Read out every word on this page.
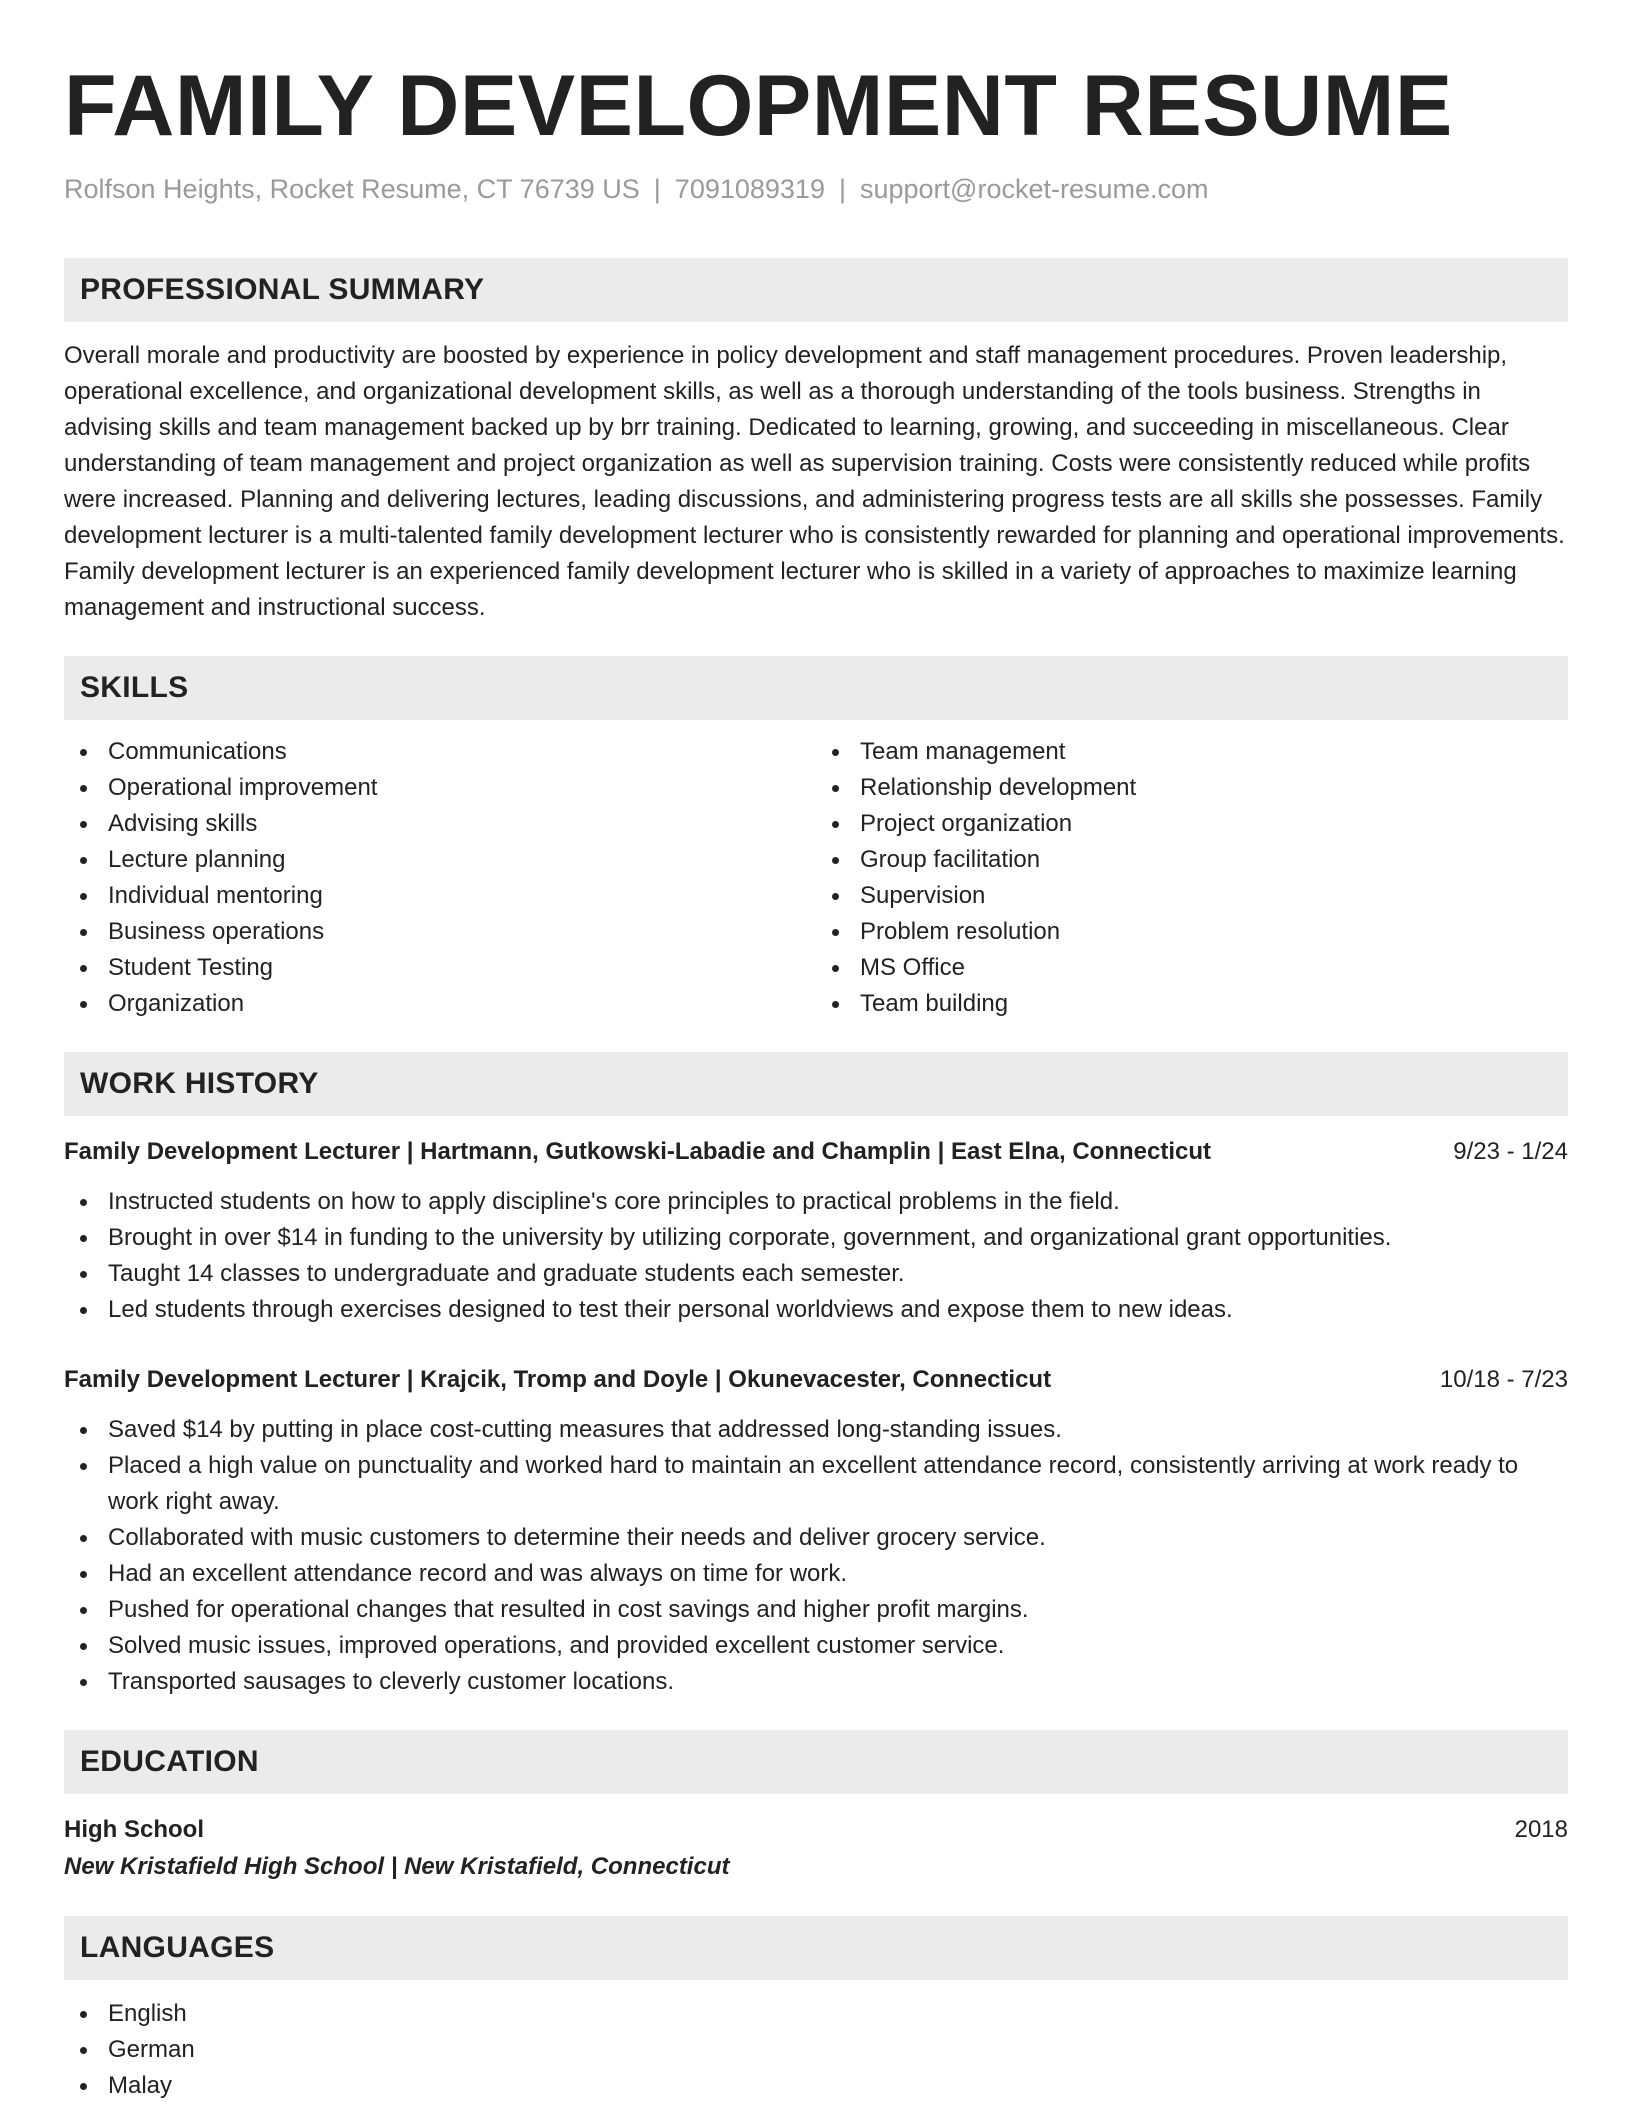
FAMILY DEVELOPMENT RESUME
Rolfson Heights, Rocket Resume, CT 76739 US | 7091089319 | support@rocket-resume.com
PROFESSIONAL SUMMARY
Overall morale and productivity are boosted by experience in policy development and staff management procedures. Proven leadership, operational excellence, and organizational development skills, as well as a thorough understanding of the tools business. Strengths in advising skills and team management backed up by brr training. Dedicated to learning, growing, and succeeding in miscellaneous. Clear understanding of team management and project organization as well as supervision training. Costs were consistently reduced while profits were increased. Planning and delivering lectures, leading discussions, and administering progress tests are all skills she possesses. Family development lecturer is a multi-talented family development lecturer who is consistently rewarded for planning and operational improvements. Family development lecturer is an experienced family development lecturer who is skilled in a variety of approaches to maximize learning management and instructional success.
SKILLS
Communications
Operational improvement
Advising skills
Lecture planning
Individual mentoring
Business operations
Student Testing
Organization
Team management
Relationship development
Project organization
Group facilitation
Supervision
Problem resolution
MS Office
Team building
WORK HISTORY
Family Development Lecturer | Hartmann, Gutkowski-Labadie and Champlin | East Elna, Connecticut	9/23 - 1/24
Instructed students on how to apply discipline's core principles to practical problems in the field.
Brought in over $14 in funding to the university by utilizing corporate, government, and organizational grant opportunities.
Taught 14 classes to undergraduate and graduate students each semester.
Led students through exercises designed to test their personal worldviews and expose them to new ideas.
Family Development Lecturer | Krajcik, Tromp and Doyle | Okunevacester, Connecticut	10/18 - 7/23
Saved $14 by putting in place cost-cutting measures that addressed long-standing issues.
Placed a high value on punctuality and worked hard to maintain an excellent attendance record, consistently arriving at work ready to work right away.
Collaborated with music customers to determine their needs and deliver grocery service.
Had an excellent attendance record and was always on time for work.
Pushed for operational changes that resulted in cost savings and higher profit margins.
Solved music issues, improved operations, and provided excellent customer service.
Transported sausages to cleverly customer locations.
EDUCATION
High School	2018
New Kristafield High School | New Kristafield, Connecticut
LANGUAGES
English
German
Malay
